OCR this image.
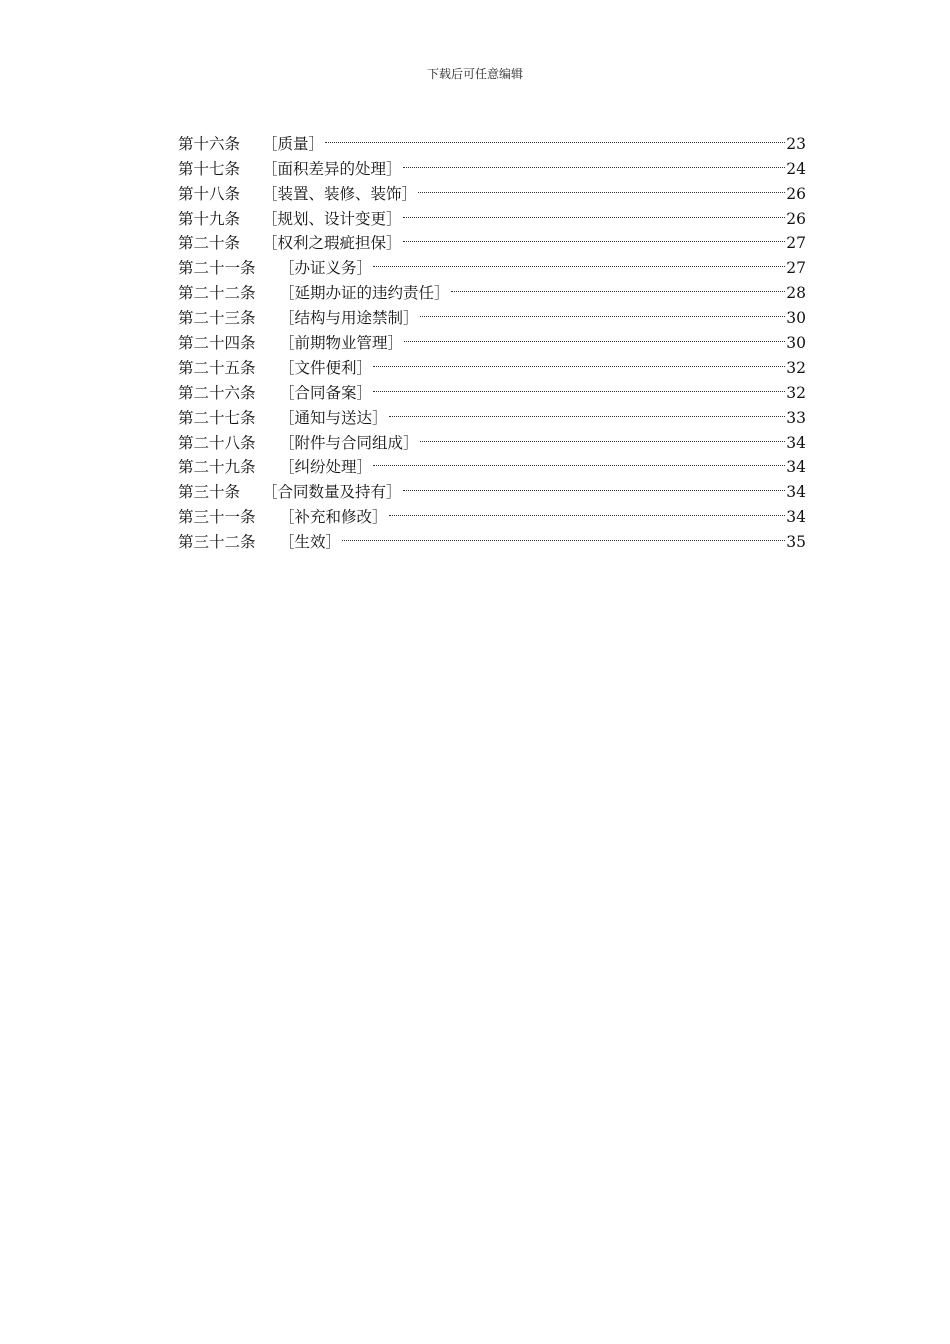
下载后可任意编辑
第十六条	［质量］	23
第十七条	［面积差异的处理］	24
第十八条	［装置、装修、装饰］	26
第十九条	［规划、设计变更］	26
第二十条	［权利之瑕疵担保］	27
第二十一条	［办证义务］	27
第二十二条	［延期办证的违约责任］	28
第二十三条	［结构与用途禁制］	30
第二十四条	［前期物业管理］	30
第二十五条	［文件便利］	32
第二十六条	［合同备案］	32
第二十七条	［通知与送达］	33
第二十八条	［附件与合同组成］	34
第二十九条	［纠纷处理］	34
第三十条	［合同数量及持有］	34
第三十一条	［补充和修改］	34
第三十二条	［生效］	35
